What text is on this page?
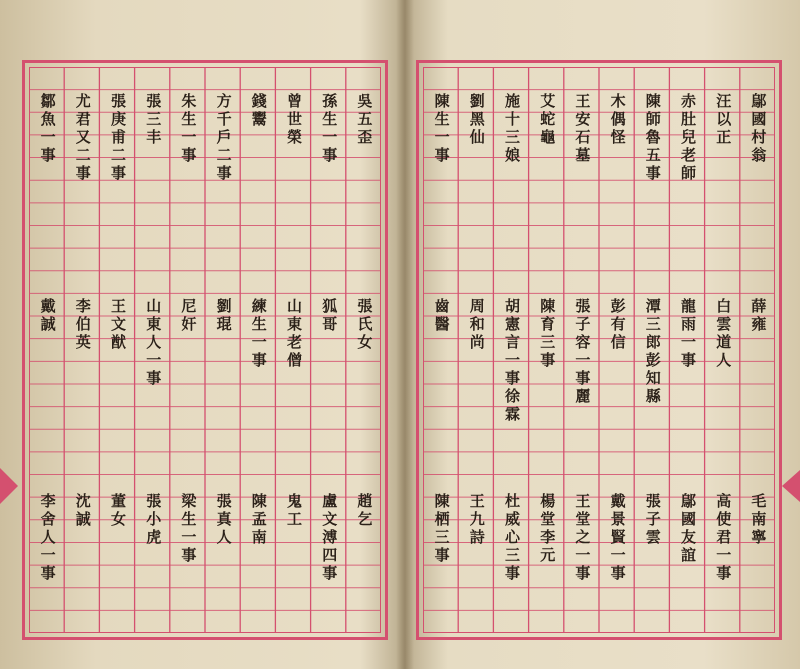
吳五歪
張氏女
趙乞
孫生一事
狐哥
盧文溥四事
曾世榮
山東老僧
鬼工
錢鬻
練生一事
陳孟南
方千戶二事
劉琨
張真人
朱生一事
尼奸
梁生一事
張三丰
山東人一事
張小虎
張庚甫二事
王文猷
董女
尤君又二事
李伯英
沈誠
鄒魚一事
戴誠
李舍人一事
鄔國村翁
薛雍
毛南寧
汪以正
白雲道人
高使君一事
赤肚兒老師
龍雨一事
鄔國友誼
陳師魯五事
潭三郎彭知縣
張子雲
木偶怪
彭有信
戴景賢一事
王安石墓
張子容一事麗
王堂之一事
艾蛇龜
陳育三事
楊堂李元
施十三娘
胡憲言一事徐霖
杜威心三事
劉黑仙
周和尚
王九詩
陳生一事
齒醫
陳栖三事
